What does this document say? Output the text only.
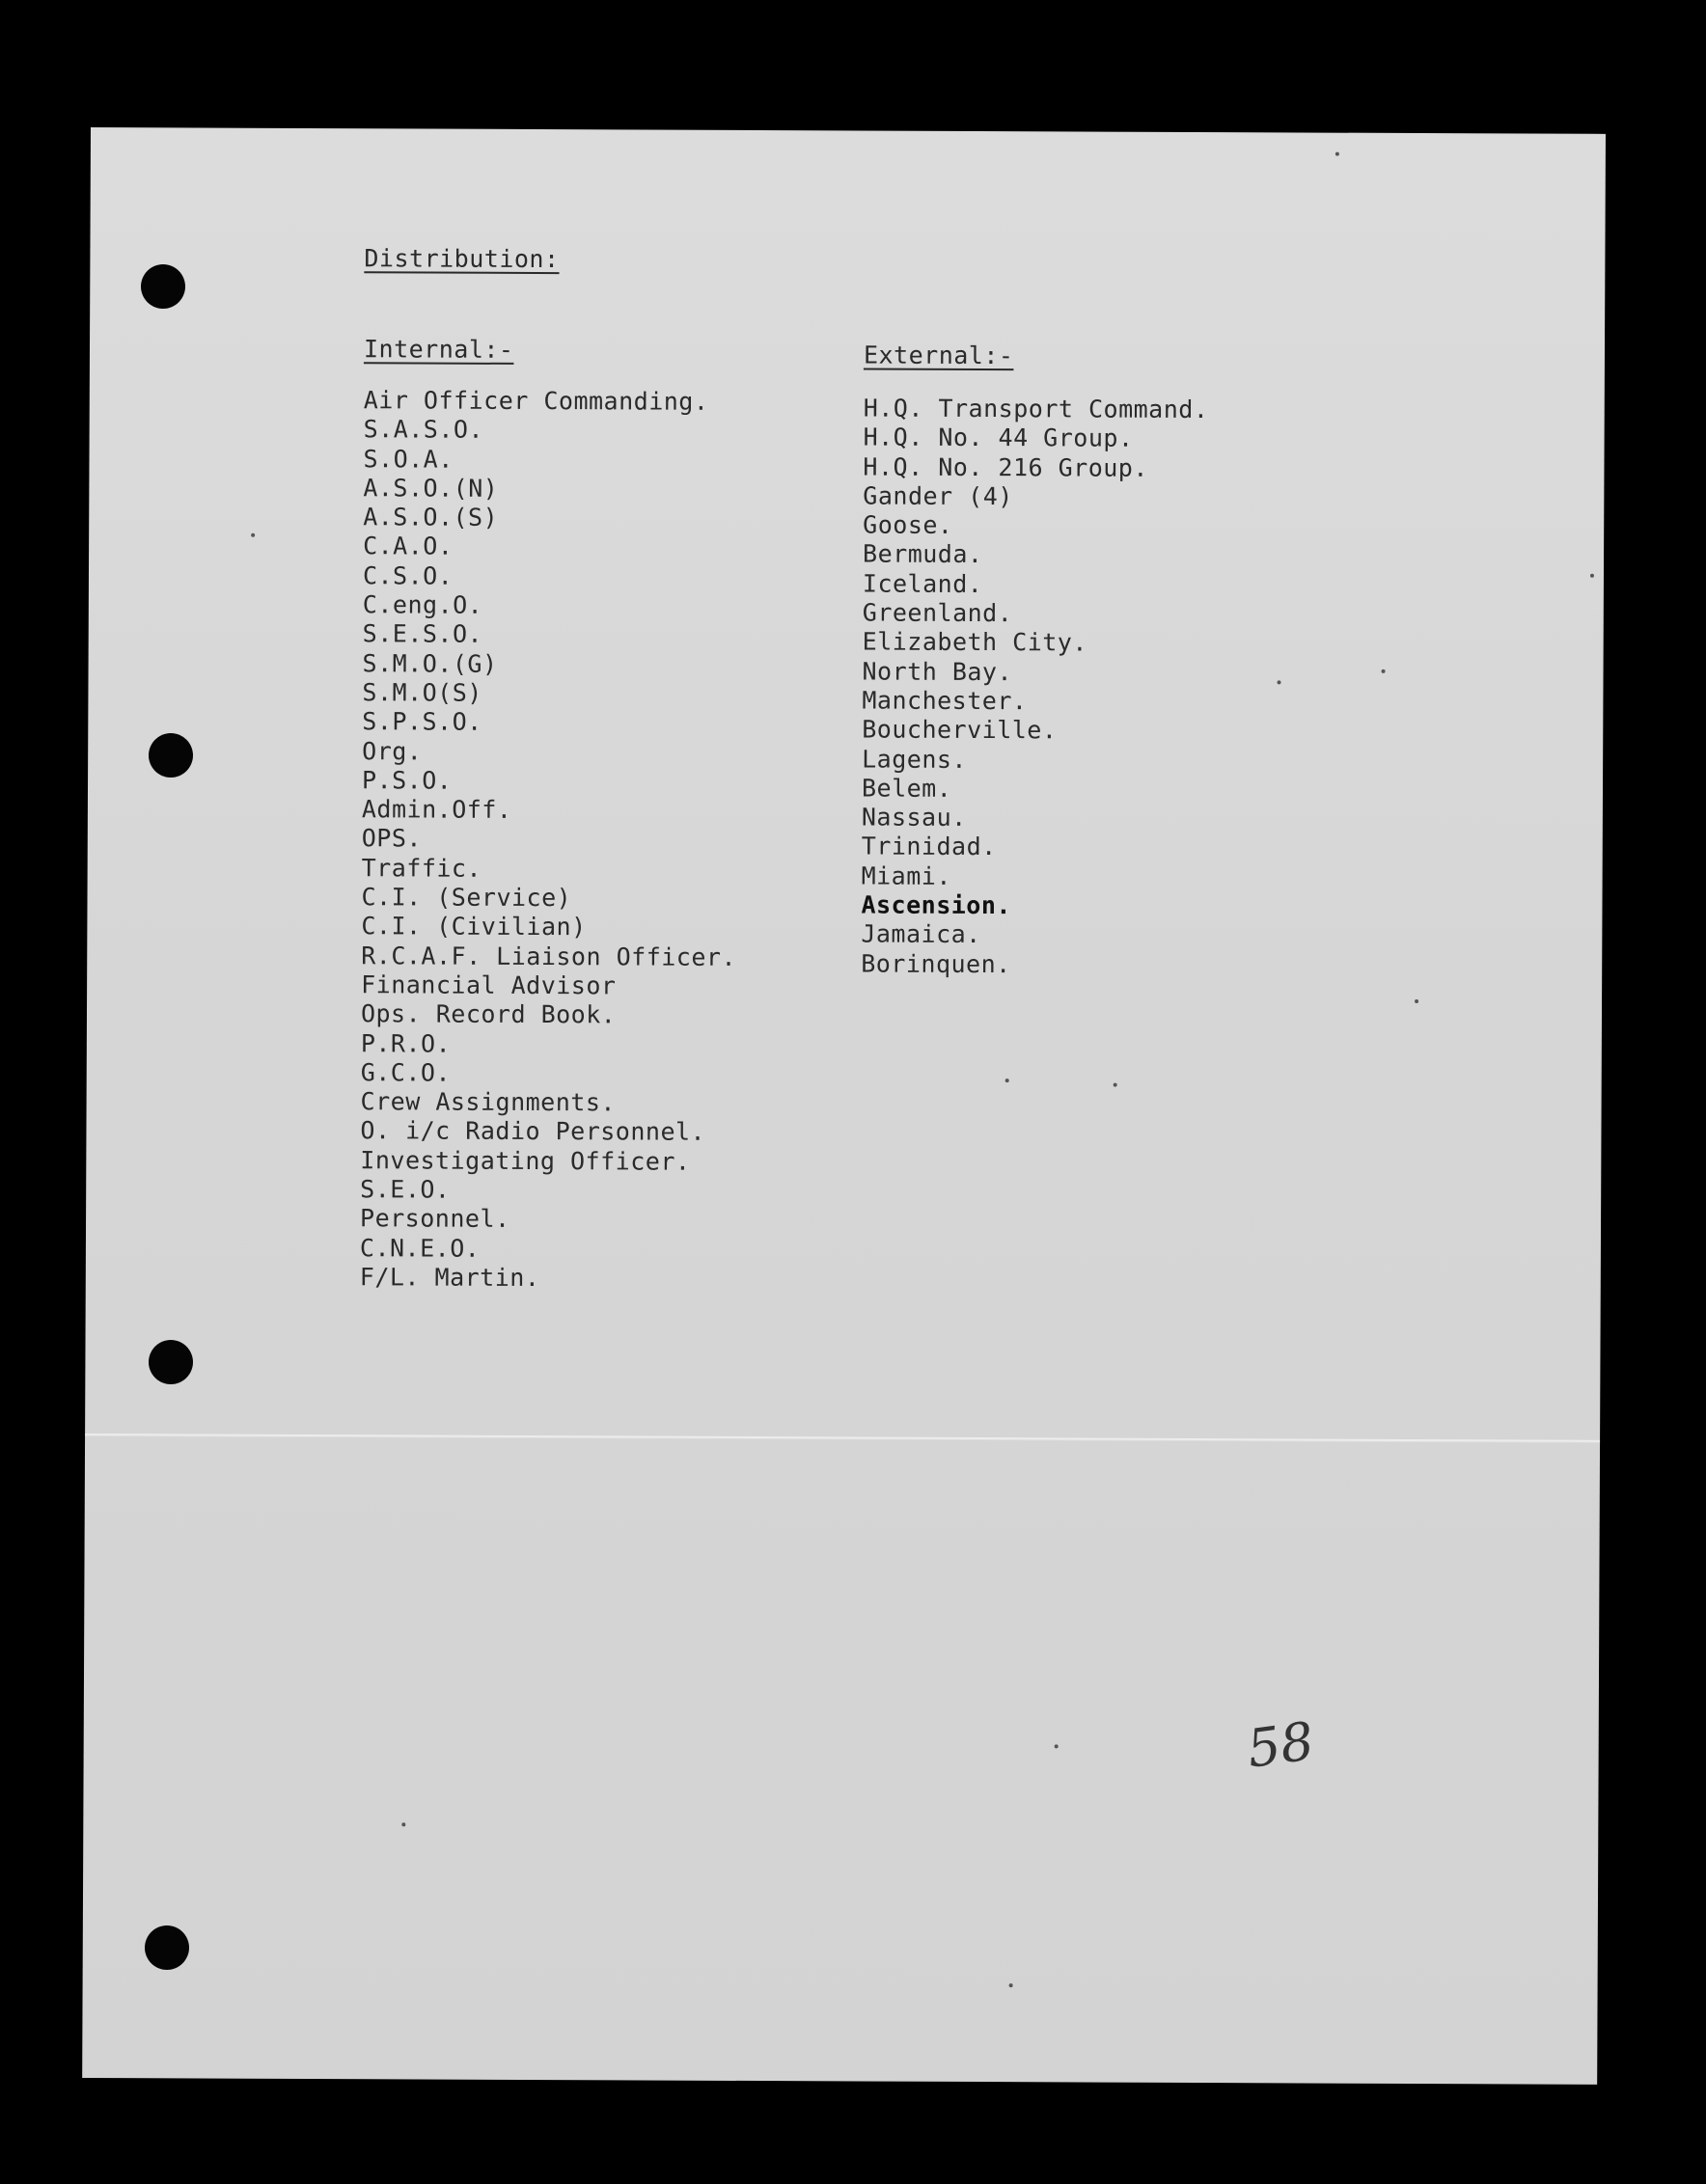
Distribution:
Internal:-
Air Officer Commanding.
S.A.S.O.
S.O.A.
A.S.O.(N)
A.S.O.(S)
C.A.O.
C.S.O.
C.eng.O.
S.E.S.O.
S.M.O.(G)
S.M.O(S)
S.P.S.O.
Org.
P.S.O.
Admin.Off.
OPS.
Traffic.
C.I. (Service)
C.I. (Civilian)
R.C.A.F. Liaison Officer.
Financial Advisor
Ops. Record Book.
P.R.O.
G.C.O.
Crew Assignments.
O. i/c Radio Personnel.
Investigating Officer.
S.E.O.
Personnel.
C.N.E.O.
F/L. Martin.
External:-
H.Q. Transport Command.
H.Q. No. 44 Group.
H.Q. No. 216 Group.
Gander (4)
Goose.
Bermuda.
Iceland.
Greenland.
Elizabeth City.
North Bay.
Manchester.
Boucherville.
Lagens.
Belem.
Nassau.
Trinidad.
Miami.
Ascension.
Jamaica.
Borinquen.
58
